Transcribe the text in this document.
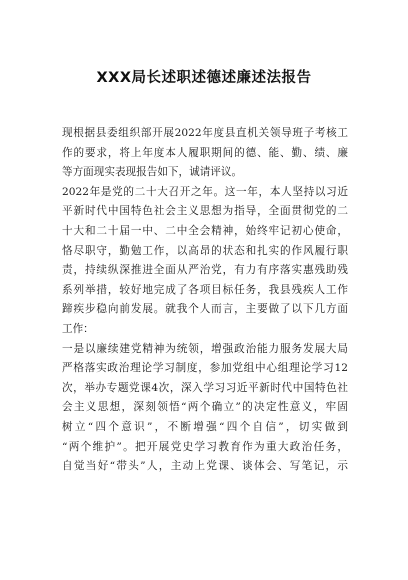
XXX局长述职述德述廉述法报告
现根据县委组织部开展2022年度县直机关领导班子考核工
作的要求，将上年度本人履职期间的德、能、勤、绩、廉
等方面现实表现报告如下，诚请评议。
2022年是党的二十大召开之年。这一年，本人坚持以习近
平新时代中国特色社会主义思想为指导，全面贯彻党的二
十大和二十届一中、二中全会精神，始终牢记初心使命，
恪尽职守，勤勉工作，以高昂的状态和扎实的作风履行职
责，持续纵深推进全面从严治党，有力有序落实惠残助残
系列举措，较好地完成了各项目标任务，我县残疾人工作
蹄疾步稳向前发展。就我个人而言，主要做了以下几方面
工作：
一是以廉续建党精神为统领，增强政治能力服务发展大局
严格落实政治理论学习制度，参加党组中心组理论学习12
次，举办专题党课4次，深入学习习近平新时代中国特色社
会主义思想，深刻领悟“两个确立”的决定性意义，牢固
树立“四个意识”，不断增强“四个自信”，切实做到
“两个维护”。把开展党史学习教育作为重大政治任务，
自觉当好“带头”人，主动上党课、谈体会、写笔记，示
